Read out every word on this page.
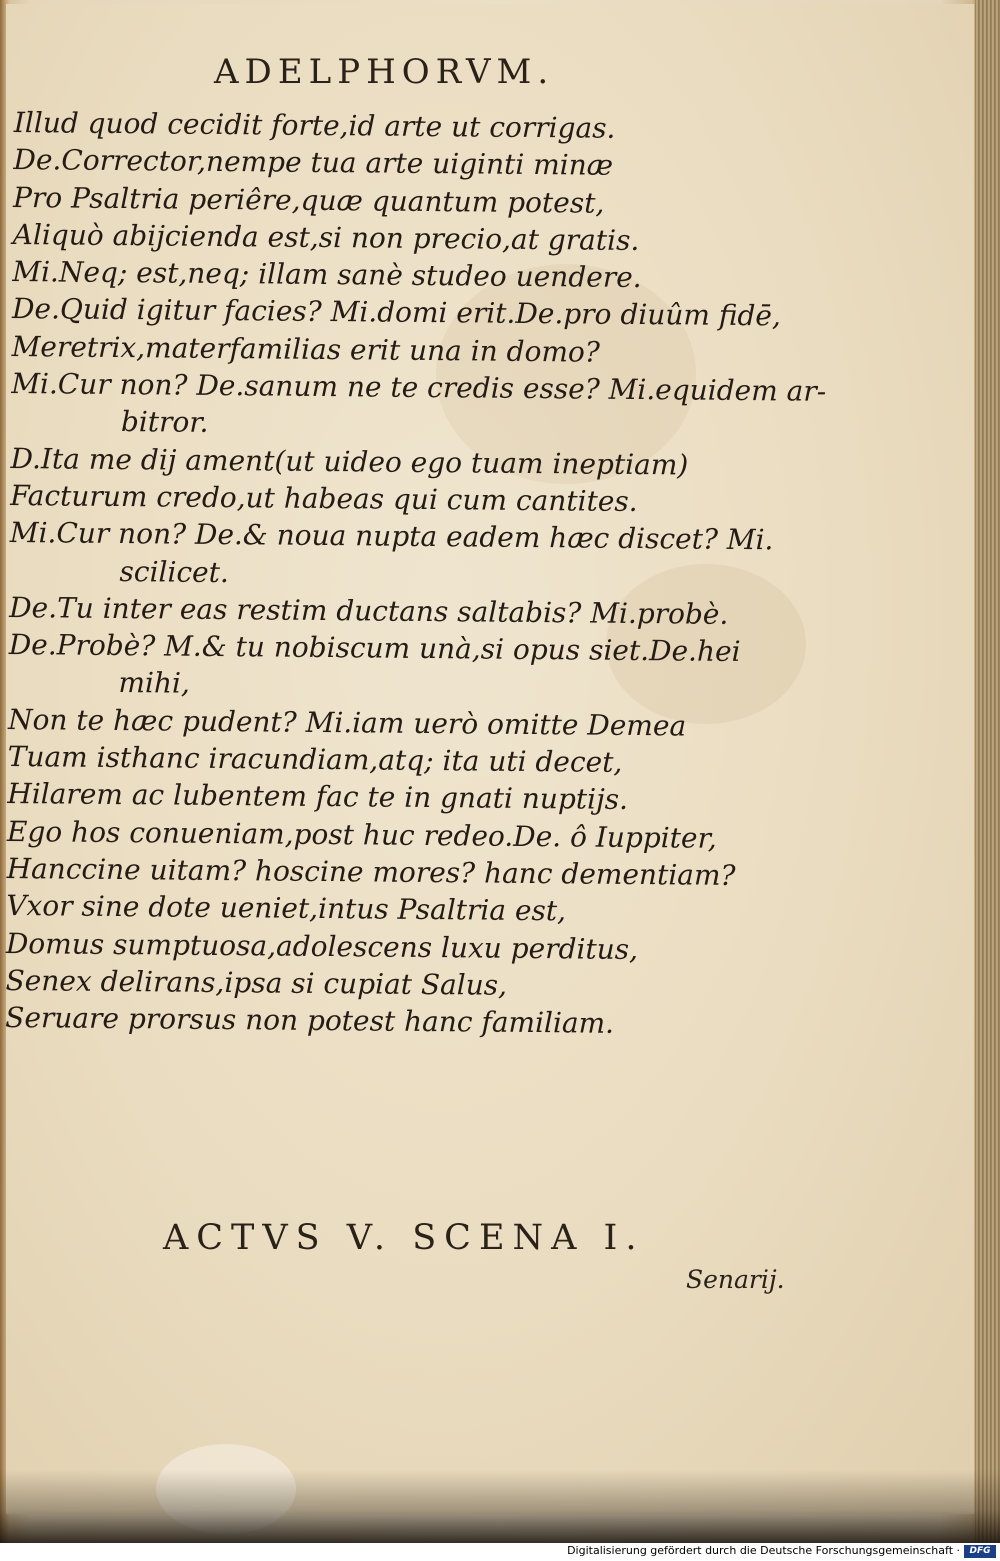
ADELPHORVM.
Illud quod cecidit forte,id arte ut corrigas.
De.Corrector,nempe tua arte uiginti minæ
Pro Psaltria periêre,quæ quantum potest,
Aliquò abijcienda est,si non precio,at gratis.
Mi.Neq; est,neq; illam sanè studeo uendere.
De.Quid igitur facies? Mi.domi erit.De.pro diuûm fidē,
Meretrix,materfamilias erit una in domo?
Mi.Cur non? De.sanum ne te credis esse? Mi.equidem ar-
bitror.
D.Ita me dij ament(ut uideo ego tuam ineptiam)
Facturum credo,ut habeas qui cum cantites.
Mi.Cur non? De.& noua nupta eadem hæc discet? Mi.
scilicet.
De.Tu inter eas restim ductans saltabis? Mi.probè.
De.Probè? M.& tu nobiscum unà,si opus siet.De.hei
mihi,
Non te hæc pudent? Mi.iam uerò omitte Demea
Tuam isthanc iracundiam,atq; ita uti decet,
Hilarem ac lubentem fac te in gnati nuptijs.
Ego hos conueniam,post huc redeo.De. ô Iuppiter,
Hanccine uitam? hoscine mores? hanc dementiam?
Vxor sine dote ueniet,intus Psaltria est,
Domus sumptuosa,adolescens luxu perditus,
Senex delirans,ipsa si cupiat Salus,
Seruare prorsus non potest hanc familiam.
ACTVS V. SCENA I.
Senarij.
Digitalisierung gefördert durch die Deutsche Forschungsgemeinschaft ·	DFG
